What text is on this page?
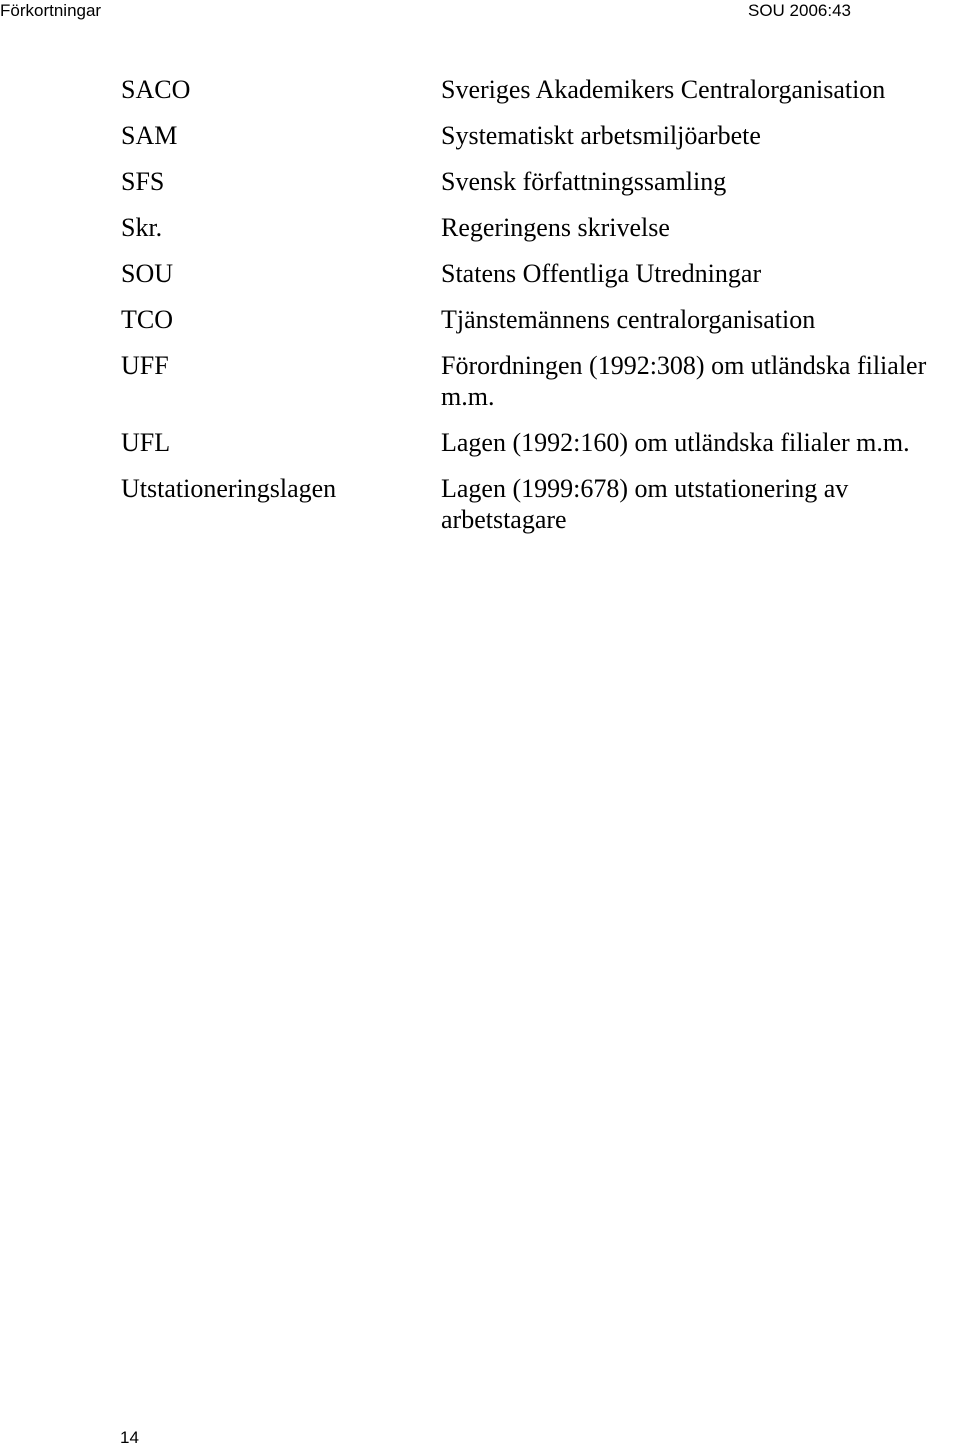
Förkortningar	SOU 2006:43
SACO	Sveriges Akademikers Centralorganisation
SAM	Systematiskt arbetsmiljöarbete
SFS	Svensk författningssamling
Skr.	Regeringens skrivelse
SOU	Statens Offentliga Utredningar
TCO	Tjänstemännens centralorganisation
UFF	Förordningen (1992:308) om utländska filialer m.m.
UFL	Lagen (1992:160) om utländska filialer m.m.
Utstationeringslagen	Lagen (1999:678) om utstationering av arbetstagare
14
